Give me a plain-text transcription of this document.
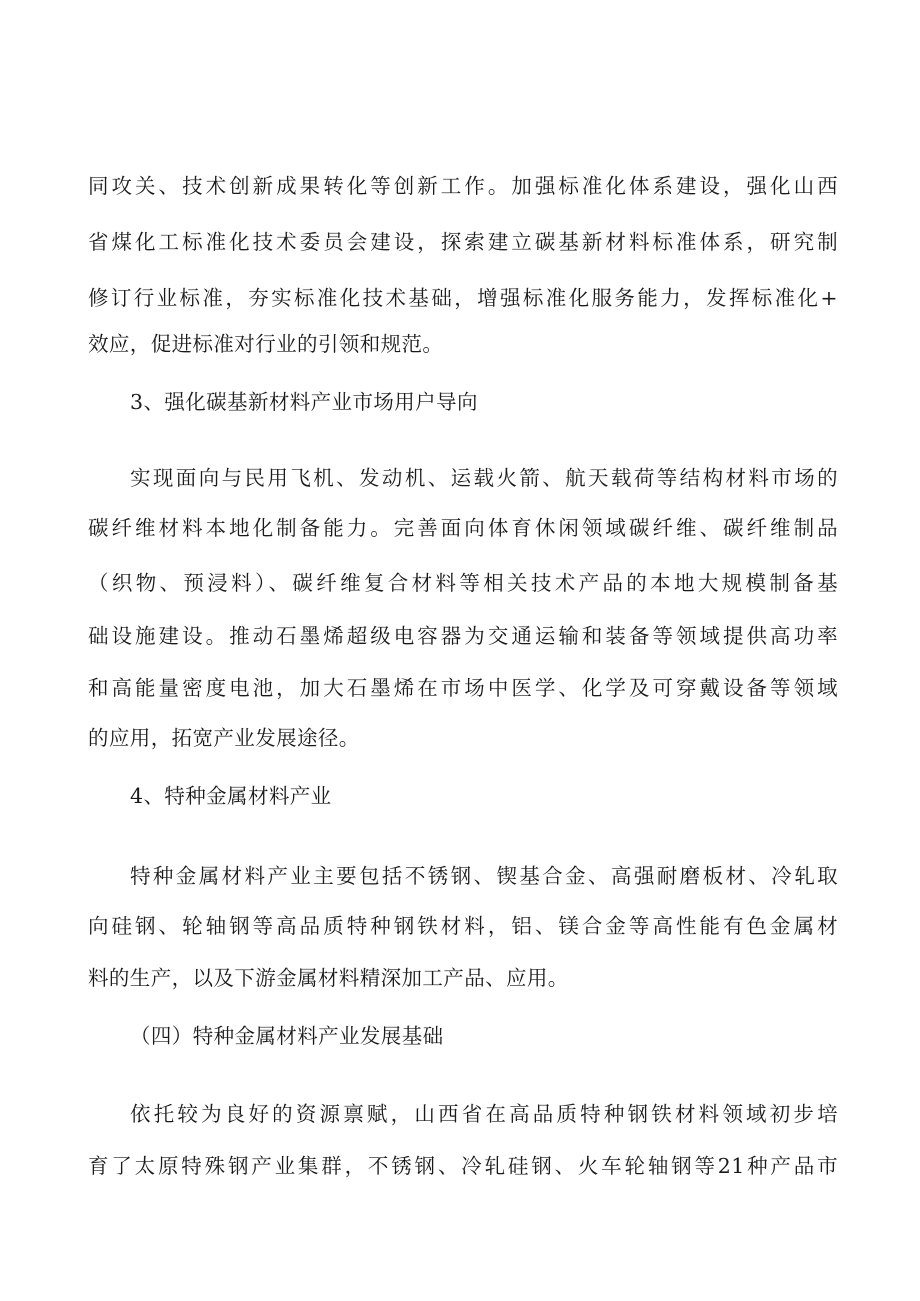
同攻关、技术创新成果转化等创新工作。加强标准化体系建设，强化山西
省煤化工标准化技术委员会建设，探索建立碳基新材料标准体系，研究制
修订行业标准，夯实标准化技术基础，增强标准化服务能力，发挥标准化+
效应，促进标准对行业的引领和规范。
3、强化碳基新材料产业市场用户导向
实现面向与民用飞机、发动机、运载火箭、航天载荷等结构材料市场的
碳纤维材料本地化制备能力。完善面向体育休闲领域碳纤维、碳纤维制品
（织物、预浸料）、碳纤维复合材料等相关技术产品的本地大规模制备基
础设施建设。推动石墨烯超级电容器为交通运输和装备等领域提供高功率
和高能量密度电池，加大石墨烯在市场中医学、化学及可穿戴设备等领域
的应用，拓宽产业发展途径。
4、特种金属材料产业
特种金属材料产业主要包括不锈钢、锲基合金、高强耐磨板材、冷轧取
向硅钢、轮轴钢等高品质特种钢铁材料，铝、镁合金等高性能有色金属材
料的生产，以及下游金属材料精深加工产品、应用。
（四）特种金属材料产业发展基础
依托较为良好的资源禀赋，山西省在高品质特种钢铁材料领域初步培
育了太原特殊钢产业集群，不锈钢、冷轧硅钢、火车轮轴钢等21种产品市
